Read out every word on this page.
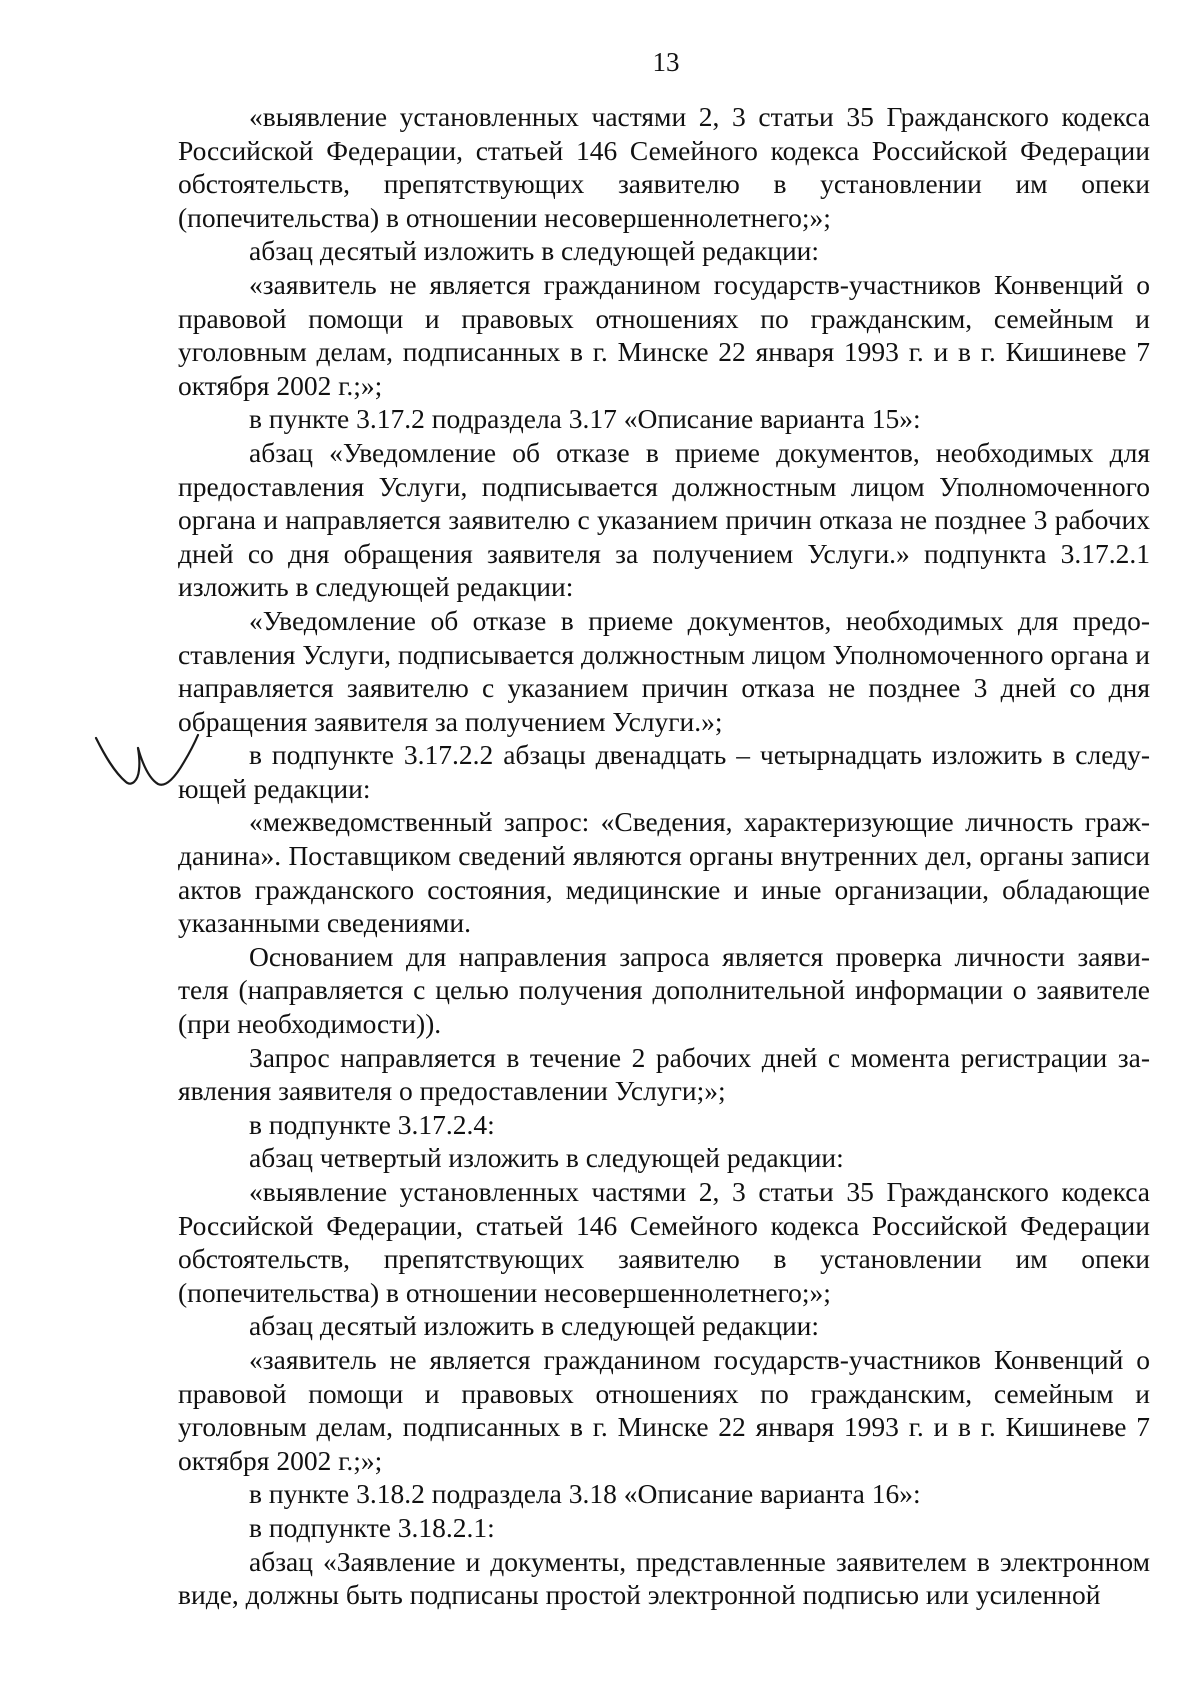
13

«выявление установленных частями 2, 3 статьи 35 Гражданского кодекса Российской Федерации, статьей 146 Семейного кодекса Российской Федерации обстоятельств, препятствующих заявителю в установлении им опеки (попечительства) в отношении несовершеннолетнего;»;

абзац десятый изложить в следующей редакции:

«заявитель не является гражданином государств-участников Конвенций о правовой помощи и правовых отношениях по гражданским, семейным и уголовным делам, подписанных в г. Минске 22 января 1993 г. и в г. Кишиневе 7 октября 2002 г.;»;

в пункте 3.17.2 подраздела 3.17 «Описание варианта 15»:

абзац «Уведомление об отказе в приеме документов, необходимых для предоставления Услуги, подписывается должностным лицом Уполномоченного органа и направляется заявителю с указанием причин отказа не позднее 3 рабочих дней со дня обращения заявителя за получением Услуги.» подпункта 3.17.2.1 изложить в следующей редакции:

«Уведомление об отказе в приеме документов, необходимых для предоставления Услуги, подписывается должностным лицом Уполномоченного органа и направляется заявителю с указанием причин отказа не позднее 3 дней со дня обращения заявителя за получением Услуги.»;

в подпункте 3.17.2.2 абзацы двенадцать – четырнадцать изложить в следующей редакции:

«межведомственный запрос: «Сведения, характеризующие личность гражданина». Поставщиком сведений являются органы внутренних дел, органы записи актов гражданского состояния, медицинские и иные организации, обладающие указанными сведениями.

Основанием для направления запроса является проверка личности заявителя (направляется с целью получения дополнительной информации о заявителе (при необходимости)).

Запрос направляется в течение 2 рабочих дней с момента регистрации заявления заявителя о предоставлении Услуги;»;

в подпункте 3.17.2.4:

абзац четвертый изложить в следующей редакции:

«выявление установленных частями 2, 3 статьи 35 Гражданского кодекса Российской Федерации, статьей 146 Семейного кодекса Российской Федерации обстоятельств, препятствующих заявителю в установлении им опеки (попечительства) в отношении несовершеннолетнего;»;

абзац десятый изложить в следующей редакции:

«заявитель не является гражданином государств-участников Конвенций о правовой помощи и правовых отношениях по гражданским, семейным и уголовным делам, подписанных в г. Минске 22 января 1993 г. и в г. Кишиневе 7 октября 2002 г.;»;

в пункте 3.18.2 подраздела 3.18 «Описание варианта 16»:

в подпункте 3.18.2.1:

абзац «Заявление и документы, представленные заявителем в электронном виде, должны быть подписаны простой электронной подписью или усиленной
